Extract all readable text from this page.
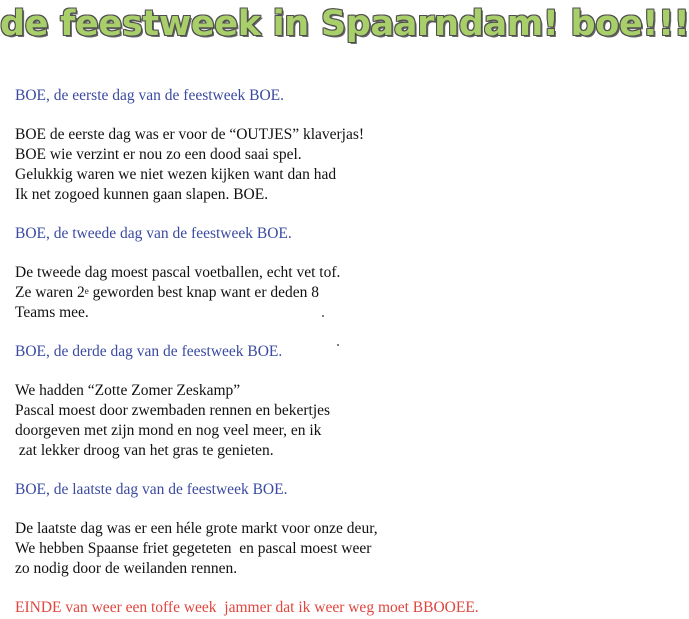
de feestweek in Spaarndam! boe!!!
BOE, de eerste dag van de feestweek BOE.
BOE de eerste dag was er voor de “OUTJES” klaverjas!
BOE wie verzint er nou zo een dood saai spel.
Gelukkig waren we niet wezen kijken want dan had
Ik net zogoed kunnen gaan slapen. BOE.
BOE, de tweede dag van de feestweek BOE.
De tweede dag moest pascal voetballen, echt vet tof.
Ze waren 2e geworden best knap want er deden 8
Teams mee.
BOE, de derde dag van de feestweek BOE.
We hadden “Zotte Zomer Zeskamp”
Pascal moest door zwembaden rennen en bekertjes
doorgeven met zijn mond en nog veel meer, en ik
zat lekker droog van het gras te genieten.
BOE, de laatste dag van de feestweek BOE.
De laatste dag was er een héle grote markt voor onze deur,
We hebben Spaanse friet gegeteten  en pascal moest weer
zo nodig door de weilanden rennen.
EINDE van weer een toffe week  jammer dat ik weer weg moet BBOOEE.
